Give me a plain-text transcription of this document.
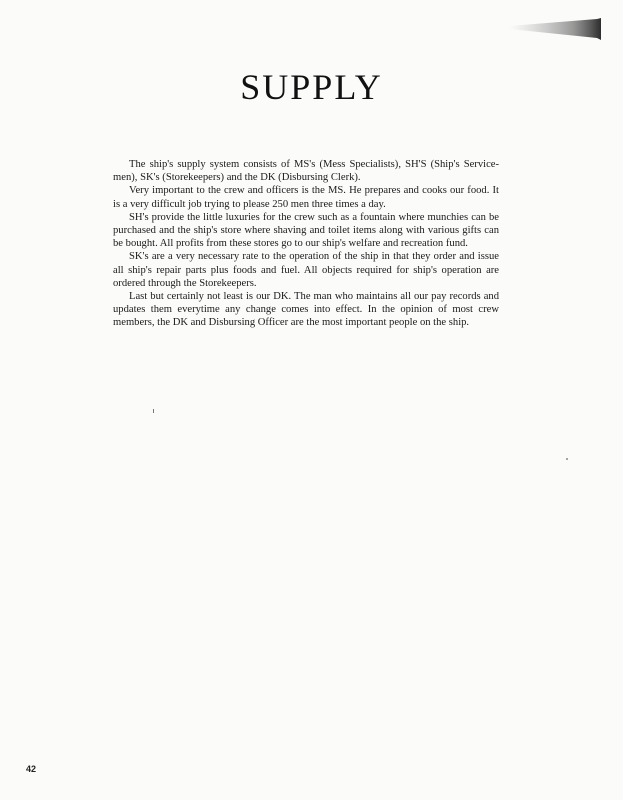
SUPPLY

The ship's supply system consists of MS's (Mess Specialists), SH'S (Ship's Service-men), SK's (Storekeepers) and the DK (Disbursing Clerk).

Very important to the crew and officers is the MS. He prepares and cooks our food. It is a very difficult job trying to please 250 men three times a day.

SH's provide the little luxuries for the crew such as a fountain where munchies can be purchased and the ship's store where shaving and toilet items along with various gifts can be bought. All profits from these stores go to our ship's welfare and recreation fund.

SK's are a very necessary rate to the operation of the ship in that they order and issue all ship's repair parts plus foods and fuel. All objects required for ship's operation are ordered through the Storekeepers.

Last but certainly not least is our DK. The man who maintains all our pay records and updates them everytime any change comes into effect. In the opinion of most crew members, the DK and Disbursing Officer are the most important people on the ship.

42
